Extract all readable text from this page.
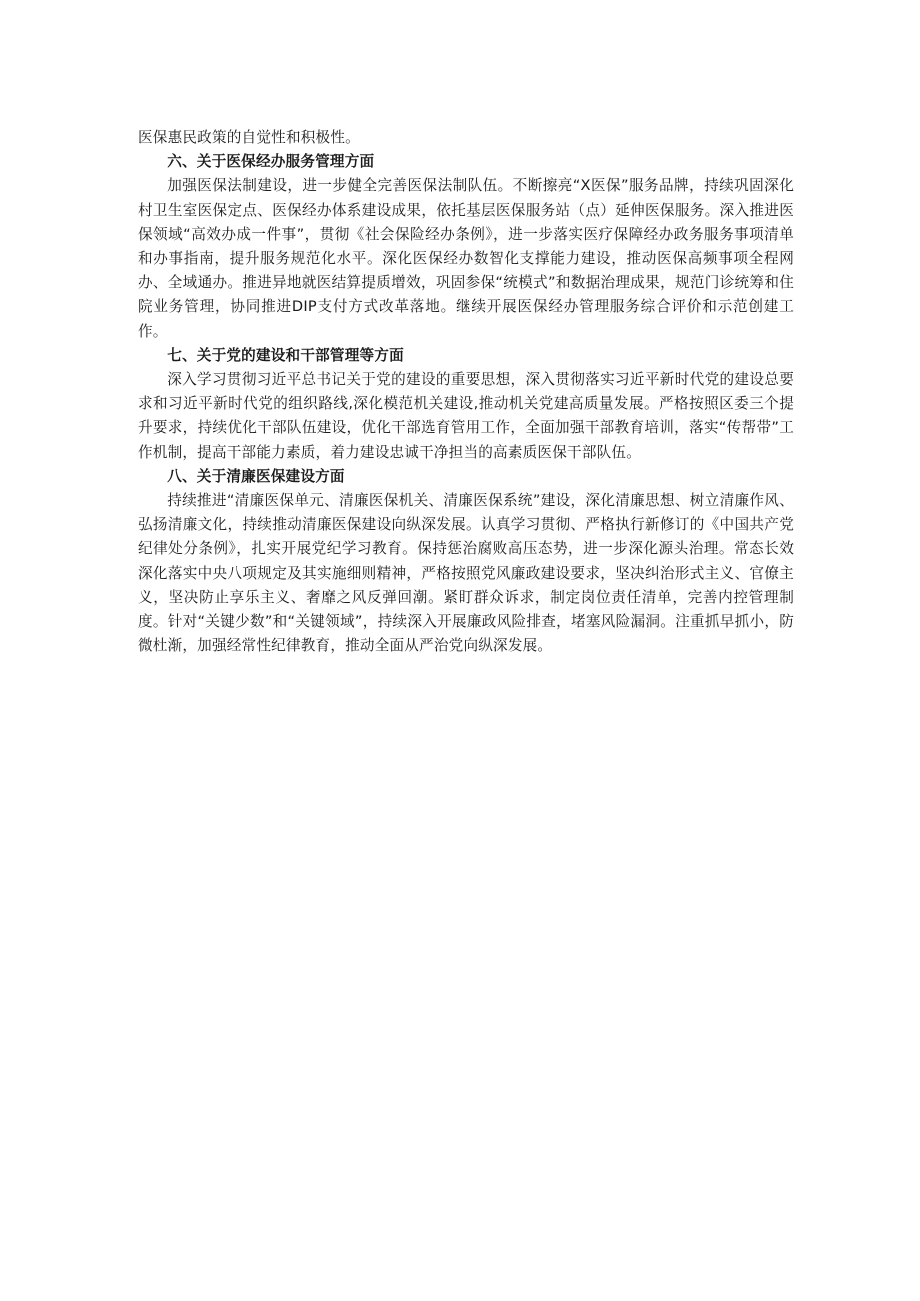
医保惠民政策的自觉性和积极性。

六、关于医保经办服务管理方面

加强医保法制建设，进一步健全完善医保法制队伍。不断擦亮“X医保”服务品牌，持续巩固深化村卫生室医保定点、医保经办体系建设成果，依托基层医保服务站（点）延伸医保服务。深入推进医保领域“高效办成一件事”，贯彻《社会保险经办条例》，进一步落实医疗保障经办政务服务事项清单和办事指南，提升服务规范化水平。深化医保经办数智化支撑能力建设，推动医保高频事项全程网办、全域通办。推进异地就医结算提质增效，巩固参保“统模式”和数据治理成果，规范门诊统筹和住院业务管理，协同推进DIP支付方式改革落地。继续开展医保经办管理服务综合评价和示范创建工作。

七、关于党的建设和干部管理等方面

深入学习贯彻习近平总书记关于党的建设的重要思想，深入贯彻落实习近平新时代党的建设总要求和习近平新时代党的组织路线,深化模范机关建设,推动机关党建高质量发展。严格按照区委三个提升要求，持续优化干部队伍建设，优化干部选育管用工作，全面加强干部教育培训，落实“传帮带”工作机制，提高干部能力素质，着力建设忠诚干净担当的高素质医保干部队伍。

八、关于清廉医保建设方面

持续推进“清廉医保单元、清廉医保机关、清廉医保系统”建设，深化清廉思想、树立清廉作风、弘扬清廉文化，持续推动清廉医保建设向纵深发展。认真学习贯彻、严格执行新修订的《中国共产党纪律处分条例》，扎实开展党纪学习教育。保持惩治腐败高压态势，进一步深化源头治理。常态长效深化落实中央八项规定及其实施细则精神，严格按照党风廉政建设要求，坚决纠治形式主义、官僚主义，坚决防止享乐主义、奢靡之风反弹回潮。紧盯群众诉求，制定岗位责任清单，完善内控管理制度。针对“关键少数”和“关键领域”，持续深入开展廉政风险排查，堵塞风险漏洞。注重抓早抓小，防微杜渐，加强经常性纪律教育，推动全面从严治党向纵深发展。
